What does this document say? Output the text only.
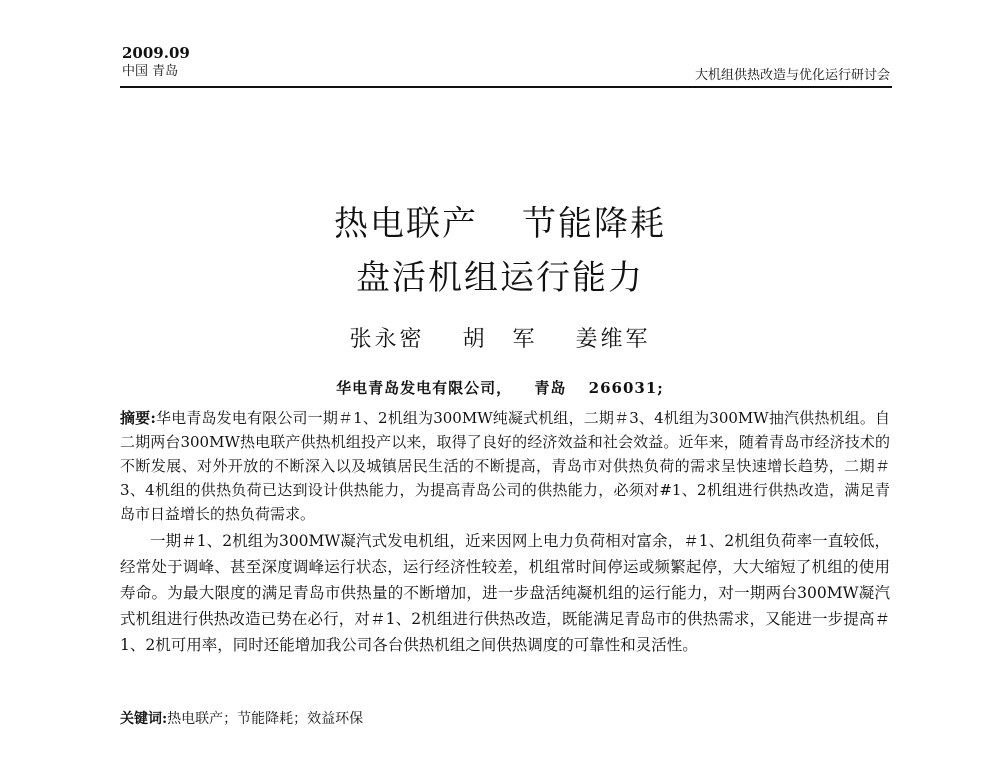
2009.09
中国 青岛	大机组供热改造与优化运行研讨会
热电联产 节能降耗
盘活机组运行能力
张永密 胡　军 姜维军
华电青岛发电有限公司， 青岛 266031;
摘要:华电青岛发电有限公司一期＃1、2机组为300MW纯凝式机组，二期＃3、4机组为300MW抽汽供热机组。自二期两台300MW热电联产供热机组投产以来，取得了良好的经济效益和社会效益。近年来，随着青岛市经济技术的不断发展、对外开放的不断深入以及城镇居民生活的不断提高，青岛市对供热负荷的需求呈快速增长趋势，二期＃3、4机组的供热负荷已达到设计供热能力，为提高青岛公司的供热能力，必须对#1、2机组进行供热改造，满足青岛市日益增长的热负荷需求。
一期＃1、2机组为300MW凝汽式发电机组，近来因网上电力负荷相对富余，＃1、2机组负荷率一直较低，经常处于调峰、甚至深度调峰运行状态，运行经济性较差，机组常时间停运或频繁起停，大大缩短了机组的使用寿命。为最大限度的满足青岛市供热量的不断增加，进一步盘活纯凝机组的运行能力，对一期两台300MW凝汽式机组进行供热改造已势在必行，对＃1、2机组进行供热改造，既能满足青岛市的供热需求，又能进一步提高＃1、2机可用率，同时还能增加我公司各台供热机组之间供热调度的可靠性和灵活性。
关键词:热电联产；节能降耗；效益环保
